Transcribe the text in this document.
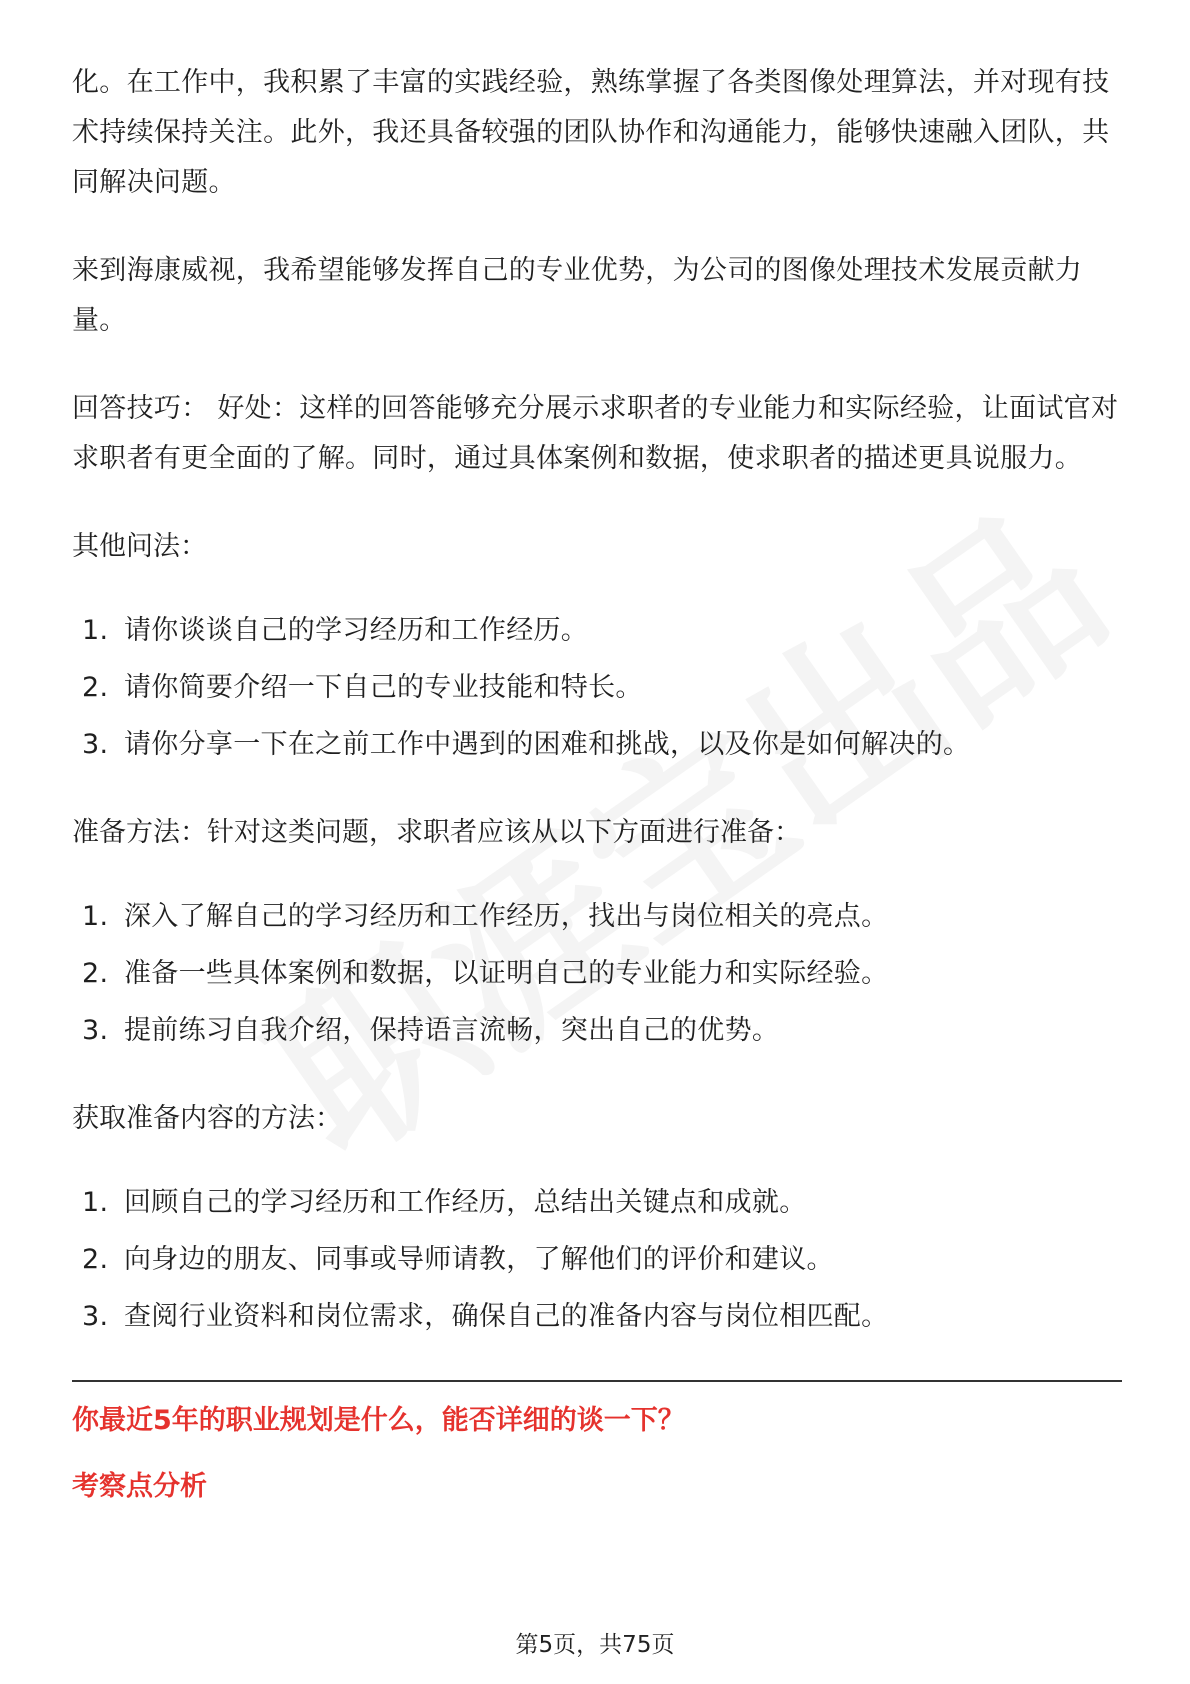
化。在工作中，我积累了丰富的实践经验，熟练掌握了各类图像处理算法，并对现有技术持续保持关注。此外，我还具备较强的团队协作和沟通能力，能够快速融入团队，共同解决问题。

来到海康威视，我希望能够发挥自己的专业优势，为公司的图像处理技术发展贡献力量。

回答技巧： 好处：这样的回答能够充分展示求职者的专业能力和实际经验，让面试官对求职者有更全面的了解。同时，通过具体案例和数据，使求职者的描述更具说服力。

其他问法：

1. 请你谈谈自己的学习经历和工作经历。
2. 请你简要介绍一下自己的专业技能和特长。
3. 请你分享一下在之前工作中遇到的困难和挑战，以及你是如何解决的。

准备方法：针对这类问题，求职者应该从以下方面进行准备：

1. 深入了解自己的学习经历和工作经历，找出与岗位相关的亮点。
2. 准备一些具体案例和数据，以证明自己的专业能力和实际经验。
3. 提前练习自我介绍，保持语言流畅，突出自己的优势。

获取准备内容的方法：

1. 回顾自己的学习经历和工作经历，总结出关键点和成就。
2. 向身边的朋友、同事或导师请教，了解他们的评价和建议。
3. 查阅行业资料和岗位需求，确保自己的准备内容与岗位相匹配。

你最近5年的职业规划是什么，能否详细的谈一下？

考察点分析

第5页，共75页
